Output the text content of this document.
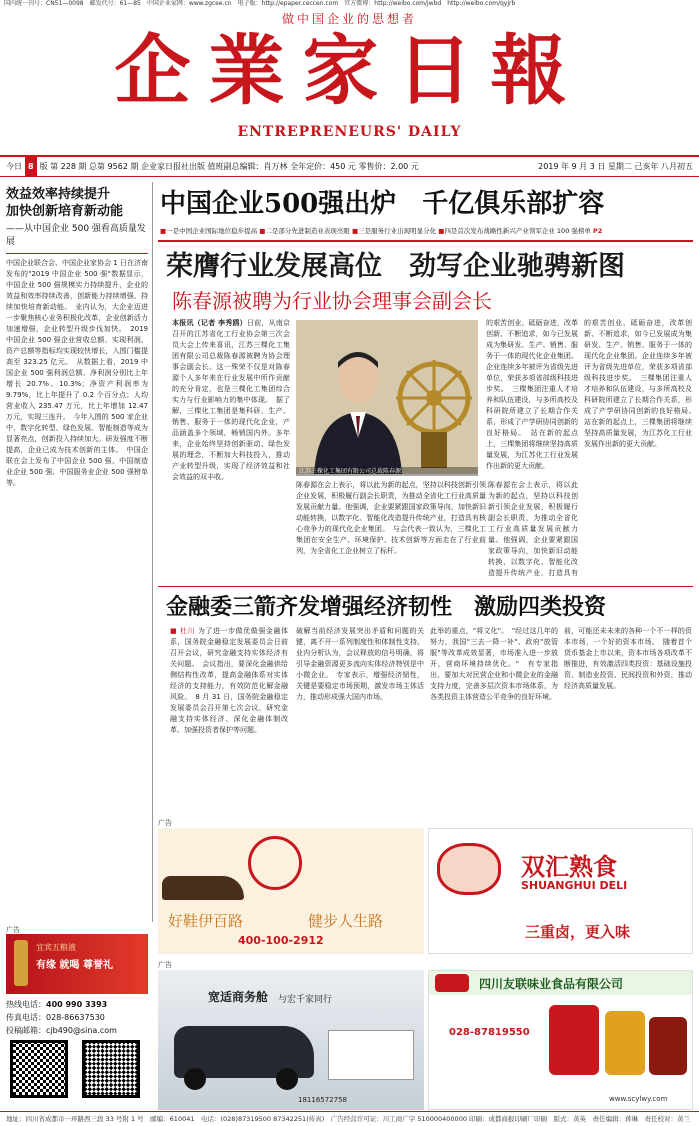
国内统一刊号：CN51—0098　邮发代号：61—85　中国企业家网：www.zgcee.cn　电子版：http://epaper.ceccen.com　官方微博：http://weibo.com/jwbd　http://weibo.com/qyjrb
做中国企业的思想者
企業家日報
ENTREPRENEURS' DAILY
今日 8 版 第 228 期 总第 9562 期 企业家日报社出版 值班副总编辑：肖万林 全年定价：450 元 零售价：2.00 元	2019 年 9 月 3 日 星期二 己亥年 八月初五
效益效率持续提升
加快创新培育新动能
——从中国企业 500 强看高质量发展
中国企业联合会、中国企业家协会 1 日在济南发布的"2019 中国企业 500 强"数据显示，中国企业 500 强规模实力持续提升，企业的效益和效率持续改善，创新能力持续增强，持续加快培育新动能。　业内认为，大企业迈进一步聚焦核心业务积极化改革，企业创新活力加速增强，企业转型升级步伐加快。　2019 中国企业 500 强企业营收总额、实现利润、资产总额等指标均实现较快增长，入围门槛提高至 323.25 亿元。　从数据上看，2019 中国企业 500 强利润总额、净利润分别比上年增长 20.7%、10.3%；净资产利润率为 9.79%，比上年提升了 0.2 个百分点；人均营业收入 235.47 万元，比上年增加 12.47 万元，实现三连升。　今年入围的 500 家企业中，数字化转型、绿色发展、智能制造等成为显著亮点，创新投入持续加大。研发强度不断提高，企业已成为技术创新的主体。　中国企联在会上发布了中国企业 500 强、中国制造业企业 500 强、中国服务业企业 500 强榜单等。
中国企业500强出炉　千亿俱乐部扩容
■一是中国企业国际地位稳步提高 ■二是部分先进制造业表现亮眼 ■三是服务行业出现明显分化 ■四是首次发布战略性新兴产业领军企业 100 强榜单 P2
荣膺行业发展高位　劲写企业驰骋新图
陈春源被聘为行业协会理事会副会长
本报讯（记者 李秀鸥）日前，从南京召开的江苏省化工行业协会第三次会员大会上传来喜讯，江苏三棵化工集团有限公司总裁陈春源被聘为协会理事会副会长。这一殊荣不仅是对陈春源个人多年来在行业发展中所作贡献的充分肯定，也是三棵化工集团综合实力与行业影响力的集中体现。　据了解，三棵化工集团是集科研、生产、销售、服务于一体的现代化企业，产品涵盖多个领域，畅销国内外。多年来，企业始终坚持创新驱动、绿色发展的理念，不断加大科技投入，推动产业转型升级，实现了经济效益和社会效益的双丰收。
江苏三棵化工集团有限公司总裁陈春源
陈春源在会上表示，将以此为新的起点，坚持以科技创新引领企业发展，积极履行副会长职责，为推动全省化工行业高质量发展贡献力量。他强调，企业要紧跟国家政策导向，加快新旧动能转换，以数字化、智能化改造提升传统产业，打造具有核心竞争力的现代化企业集团。　与会代表一致认为，三棵化工集团在安全生产、环境保护、技术创新等方面走在了行业前列，为全省化工企业树立了标杆。
陈春源在会上表示，将以此为新的起点，坚持以科技创新引领企业发展，积极履行副会长职责，为推动全省化工行业高质量发展贡献力量。他强调，企业要紧跟国家政策导向，加快新旧动能转换，以数字化、智能化改造提升传统产业，打造具有　
的艰苦创业、砥砺奋进，改革创新、不断追求，如今已发展成为集研发、生产、销售、服务于一体的现代化企业集团。企业连续多年被评为省级先进单位，荣获多项省部级科技进步奖。　三棵集团注重人才培养和队伍建设，与多所高校及科研院所建立了长期合作关系，形成了产学研协同创新的良好格局。　站在新的起点上，三棵集团将继续坚持高质量发展，为江苏化工行业发展作出新的更大贡献。
的艰苦创业、砥砺奋进，改革创新、不断追求，如今已发展成为集研发、生产、销售、服务于一体的现代化企业集团。企业连续多年被评为省级先进单位，荣获多项省部级科技进步奖。　三棵集团注重人才培养和队伍建设，与多所高校及科研院所建立了长期合作关系，形成了产学研协同创新的良好格局。　站在新的起点上，三棵集团将继续坚持高质量发展，为江苏化工行业发展作出新的更大贡献。
金融委三箭齐发增强经济韧性　激励四类投资
■ 杜川 为了进一步做优做强金融体系，国务院金融稳定发展委员会日前召开会议，研究金融支持实体经济有关问题。　会议指出，要深化金融供给侧结构性改革，提高金融体系对实体经济的支持能力，有效防范化解金融风险。　8 月 31 日，国务院金融稳定发展委员会召开第七次会议，研究金融支持实体经济、深化金融体制改革、加强投资者保护等问题。
破解当前经济发展突出矛盾和问题的关键，离不开一系列制度性和体制性支持。业内分析认为，会议释放的信号明确，将引导金融资源更多流向实体经济特别是中小微企业。　专家表示，增强经济韧性，关键是要稳定市场预期，激发市场主体活力，推动形成强大国内市场。
此举的重点，"将文化"。　"经过这几年的努力，我国"三去一降一补"、政府"放管服"等改革成效显著，市场准入进一步放开，营商环境持续优化。"　有专家指出，要加大对民营企业和小微企业的金融支持力度，完善多层次资本市场体系，为各类投资主体营造公平竞争的良好环境。
前，可能还未未来的各种一个不一样的资本市场，一个好的资本市场。　随着首个货币基金上市以来，资本市场各项改革不断推进，有效激活四类投资：基础设施投资、制造业投资、民间投资和外资，推动经济高质量发展。
广告
宜宾五粮液
有缘 就喝 尊誉礼
热线电话：400 990 3393
传真电话：028-86637530
投稿邮箱：cjb490@sina.com
广告
好鞋伊百路	健步人生路
400-100-2912
双汇熟食
SHUANGHUI DELI
三重卤，更入味
广告
宽适商务舱 与宏千家同行
18116572758
四川友联味业食品有限公司
028-87819550
www.scylwy.com
地址：四川省成都市一环路西三段 33 号附 1 号　邮编：610041　电话：(028)87319500 87342251(传真)　广告经营许可证：川工商广字 510000400000 印刷：成都商报印刷厂印刷　版式：黄英　责任编辑：蒋琳　责任校对：黄兰
